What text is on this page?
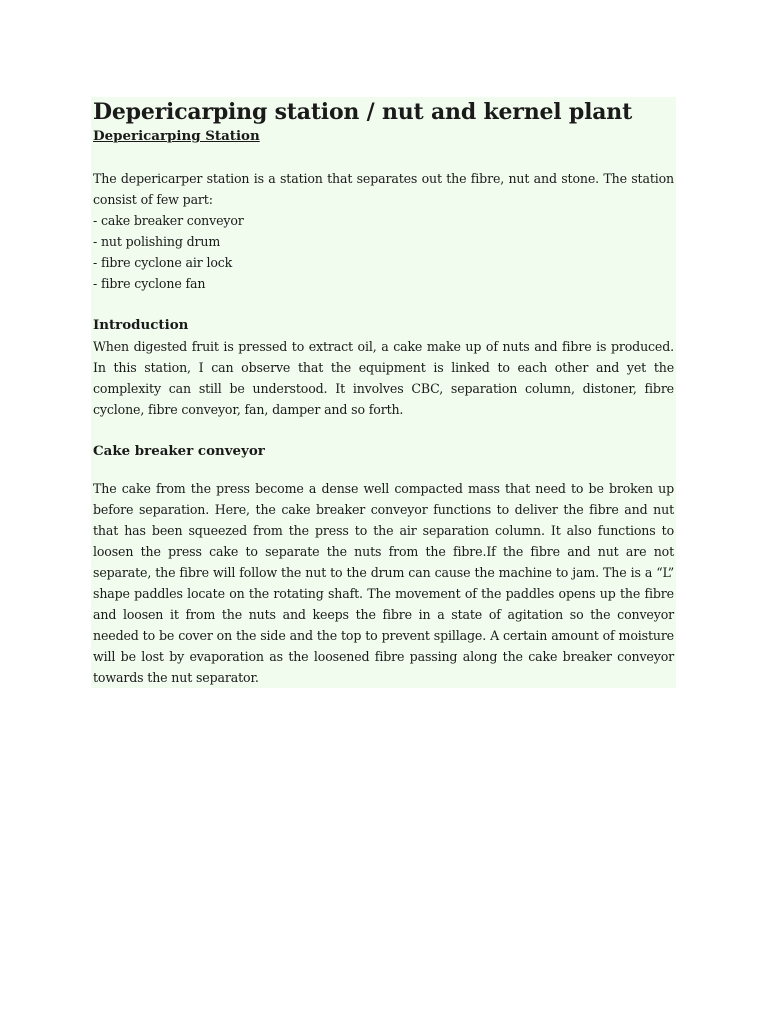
Depericarping station / nut and kernel plant
Depericarping Station

The depericarper station is a station that separates out the fibre, nut and stone. The station consist of few part:

- cake breaker conveyor
- nut polishing drum
- fibre cyclone air lock
- fibre cyclone fan
Introduction

When digested fruit is pressed to extract oil, a cake make up of nuts and fibre is produced. In this station, I can observe that the equipment is linked to each other and yet the complexity can still be understood. It involves CBC, separation column, distoner, fibre cyclone, fibre conveyor, fan, damper and so forth.

Cake breaker conveyor

The cake from the press become a dense well compacted mass that need to be broken up before separation. Here, the cake breaker conveyor functions to deliver the fibre and nut that has been squeezed from the press to the air separation column. It also functions to loosen the press cake to separate the nuts from the fibre.If the fibre and nut are not separate, the fibre will follow the nut to the drum can cause the machine to jam. The is a “L” shape paddles locate on the rotating shaft. The movement of the paddles opens up the fibre and loosen it from the nuts and keeps the fibre in a state of agitation so the conveyor needed to be cover on the side and the top to prevent spillage. A certain amount of moisture will be lost by evaporation as the loosened fibre passing along the cake breaker conveyor towards the nut separator.
